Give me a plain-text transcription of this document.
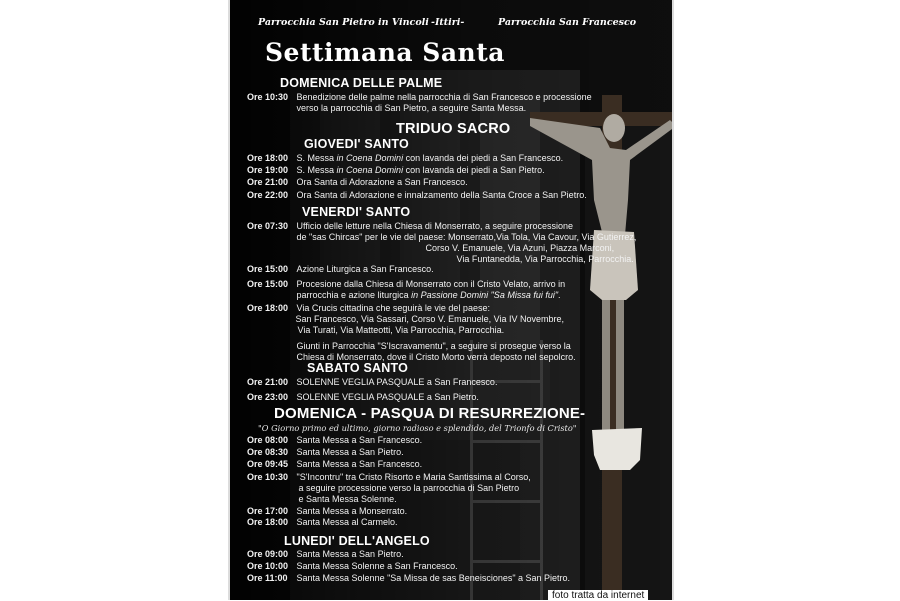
Parrocchia San Pietro in Vincoli -Ittiri-	Parrocchia San Francesco
Settimana Santa
DOMENICA DELLE PALME
Ore 10:30 Benedizione delle palme nella parrocchia di San Francesco e processione
verso la parrocchia di San Pietro, a seguire Santa Messa.
TRIDUO SACRO
GIOVEDI' SANTO
Ore 18:00 S. Messa in Coena Domini con lavanda dei piedi a San Francesco.
Ore 19:00 S. Messa in Coena Domini con lavanda dei piedi a San Pietro.
Ore 21:00 Ora Santa di Adorazione a San Francesco.
Ore 22:00 Ora Santa di Adorazione e innalzamento della Santa Croce a San Pietro.
VENERDI' SANTO
Ore 07:30 Ufficio delle letture nella Chiesa di Monserrato, a seguire processione
de "sas Chircas" per le vie del paese: Monserrato,Via Tola, Via Cavour, Via Gutierrez,
Corso V. Emanuele, Via Azuni, Piazza Marconi,
Via Funtanedda, Via Parrocchia, Parrocchia.
Ore 15:00 Azione Liturgica a San Francesco.
Ore 15:00 Procesione dalla Chiesa di Monserrato con il Cristo Velato, arrivo in
parrocchia e azione liturgica in Passione Domini "Sa Missa fui fui".
Ore 18:00 Via Crucis cittadina che seguirà le vie del paese:
San Francesco, Via Sassari, Corso V. Emanuele, Via IV Novembre,
Via Turati, Via Matteotti, Via Parrocchia, Parrocchia.
Giunti in Parrocchia "S'Iscravamentu", a seguire si prosegue verso la
Chiesa di Monserrato, dove il Cristo Morto verrà deposto nel sepolcro.
SABATO SANTO
Ore 21:00 SOLENNE VEGLIA PASQUALE a San Francesco.
Ore 23:00 SOLENNE VEGLIA PASQUALE a San Pietro.
DOMENICA - PASQUA DI RESURREZIONE-
"O Giorno primo ed ultimo, giorno radioso e splendido, del Trionfo di Cristo"
Ore 08:00 Santa Messa a San Francesco.
Ore 08:30 Santa Messa a San Pietro.
Ore 09:45 Santa Messa a San Francesco.
Ore 10:30 "S'Incontru" tra Cristo Risorto e Maria Santissima al Corso,
a seguire processione verso la parrocchia di San Pietro
e Santa Messa Solenne.
Ore 17:00 Santa Messa a Monserrato.
Ore 18:00 Santa Messa al Carmelo.
LUNEDI' DELL'ANGELO
Ore 09:00 Santa Messa a San Pietro.
Ore 10:00 Santa Messa Solenne a San Francesco.
Ore 11:00 Santa Messa Solenne "Sa Missa de sas Beneisciones" a San Pietro.
foto tratta da internet
